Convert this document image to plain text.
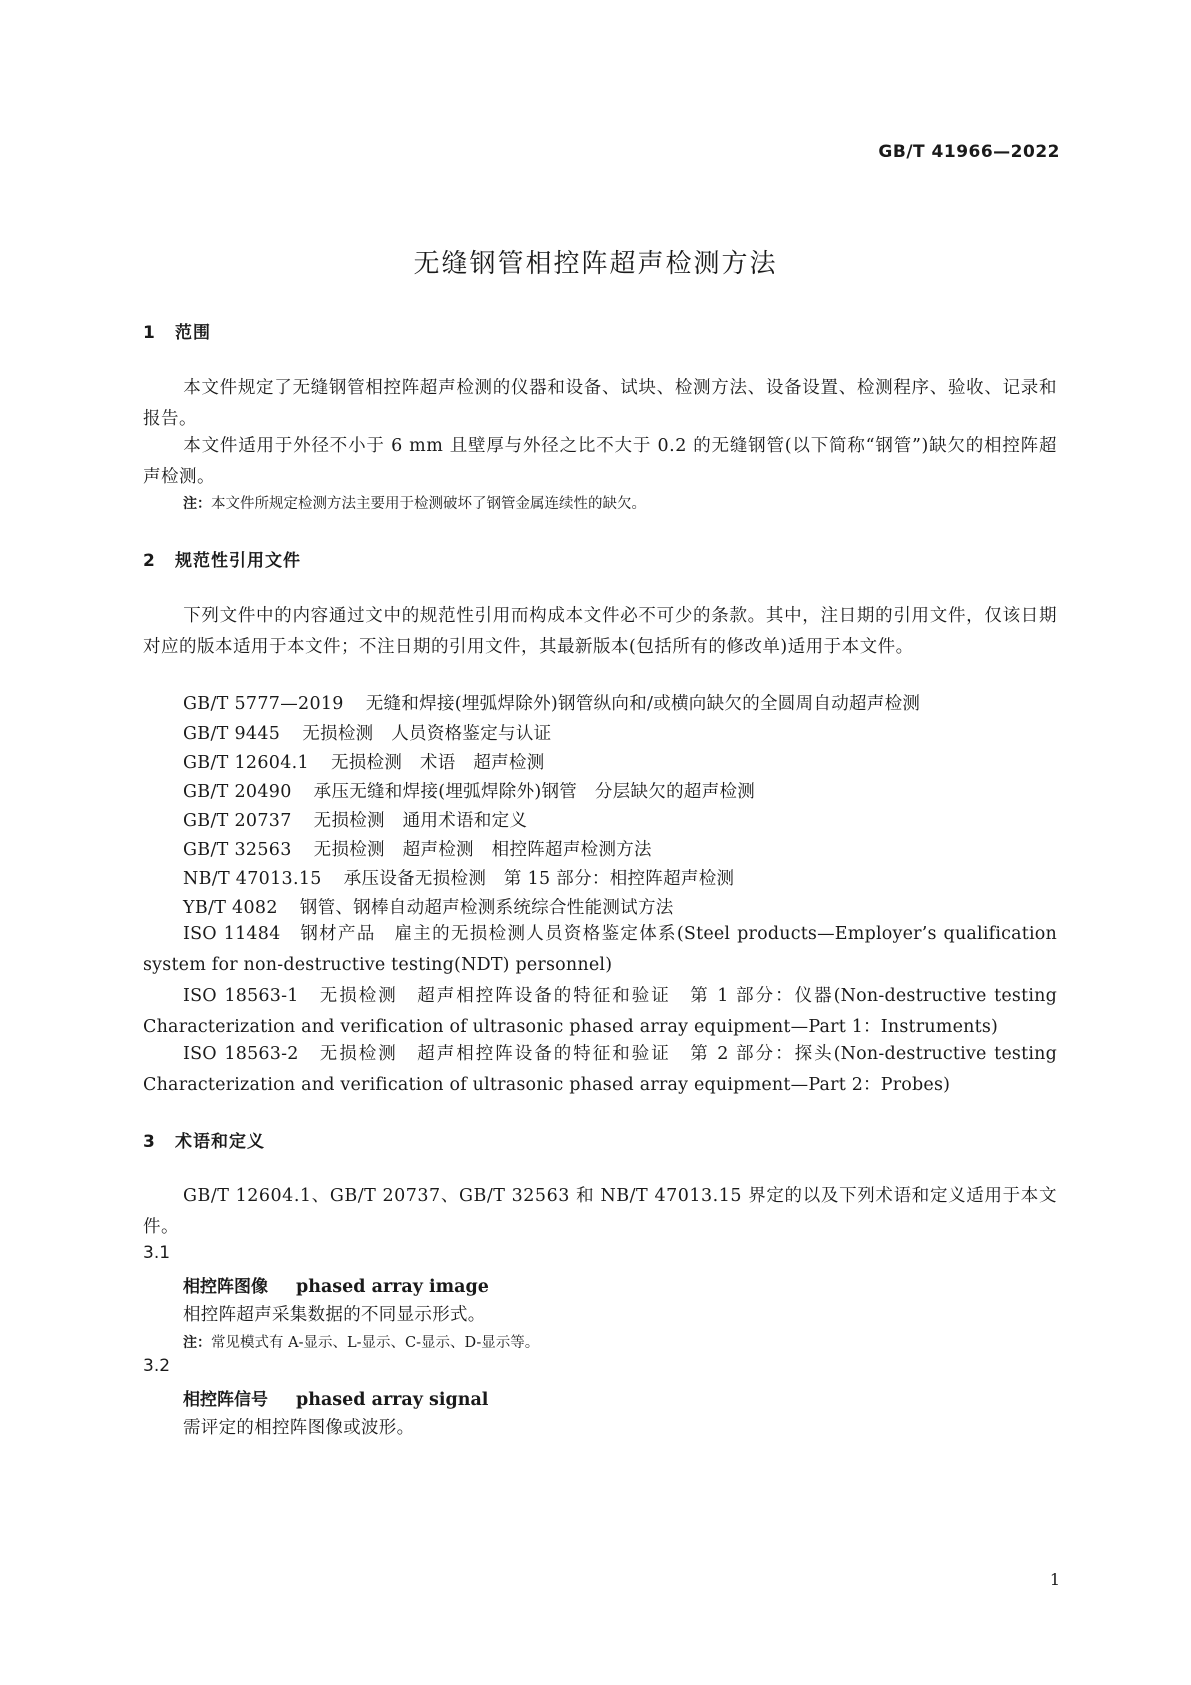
GB/T 41966—2022
无缝钢管相控阵超声检测方法
1 范围
本文件规定了无缝钢管相控阵超声检测的仪器和设备、试块、检测方法、设备设置、检测程序、验收、记录和报告。
本文件适用于外径不小于 6 mm 且壁厚与外径之比不大于 0.2 的无缝钢管(以下简称“钢管”)缺欠的相控阵超声检测。
注：本文件所规定检测方法主要用于检测破坏了钢管金属连续性的缺欠。
2 规范性引用文件
下列文件中的内容通过文中的规范性引用而构成本文件必不可少的条款。其中，注日期的引用文件，仅该日期对应的版本适用于本文件；不注日期的引用文件，其最新版本(包括所有的修改单)适用于本文件。
GB/T 5777—2019 无缝和焊接(埋弧焊除外)钢管纵向和/或横向缺欠的全圆周自动超声检测
GB/T 9445 无损检测　人员资格鉴定与认证
GB/T 12604.1 无损检测　术语　超声检测
GB/T 20490 承压无缝和焊接(埋弧焊除外)钢管　分层缺欠的超声检测
GB/T 20737 无损检测　通用术语和定义
GB/T 32563 无损检测　超声检测　相控阵超声检测方法
NB/T 47013.15 承压设备无损检测　第 15 部分：相控阵超声检测
YB/T 4082 钢管、钢棒自动超声检测系统综合性能测试方法
ISO 11484　钢材产品　雇主的无损检测人员资格鉴定体系(Steel products—Employer’s qualification system for non-destructive testing(NDT) personnel)
ISO 18563-1　无损检测　超声相控阵设备的特征和验证　第 1 部分：仪器(Non-destructive testing Characterization and verification of ultrasonic phased array equipment—Part 1：Instruments)
ISO 18563-2　无损检测　超声相控阵设备的特征和验证　第 2 部分：探头(Non-destructive testing Characterization and verification of ultrasonic phased array equipment—Part 2：Probes)
3 术语和定义
GB/T 12604.1、GB/T 20737、GB/T 32563 和 NB/T 47013.15 界定的以及下列术语和定义适用于本文件。
3.1
相控阵图像 phased array image
相控阵超声采集数据的不同显示形式。
注：常见模式有 A-显示、L-显示、C-显示、D-显示等。
3.2
相控阵信号 phased array signal
需评定的相控阵图像或波形。
1
